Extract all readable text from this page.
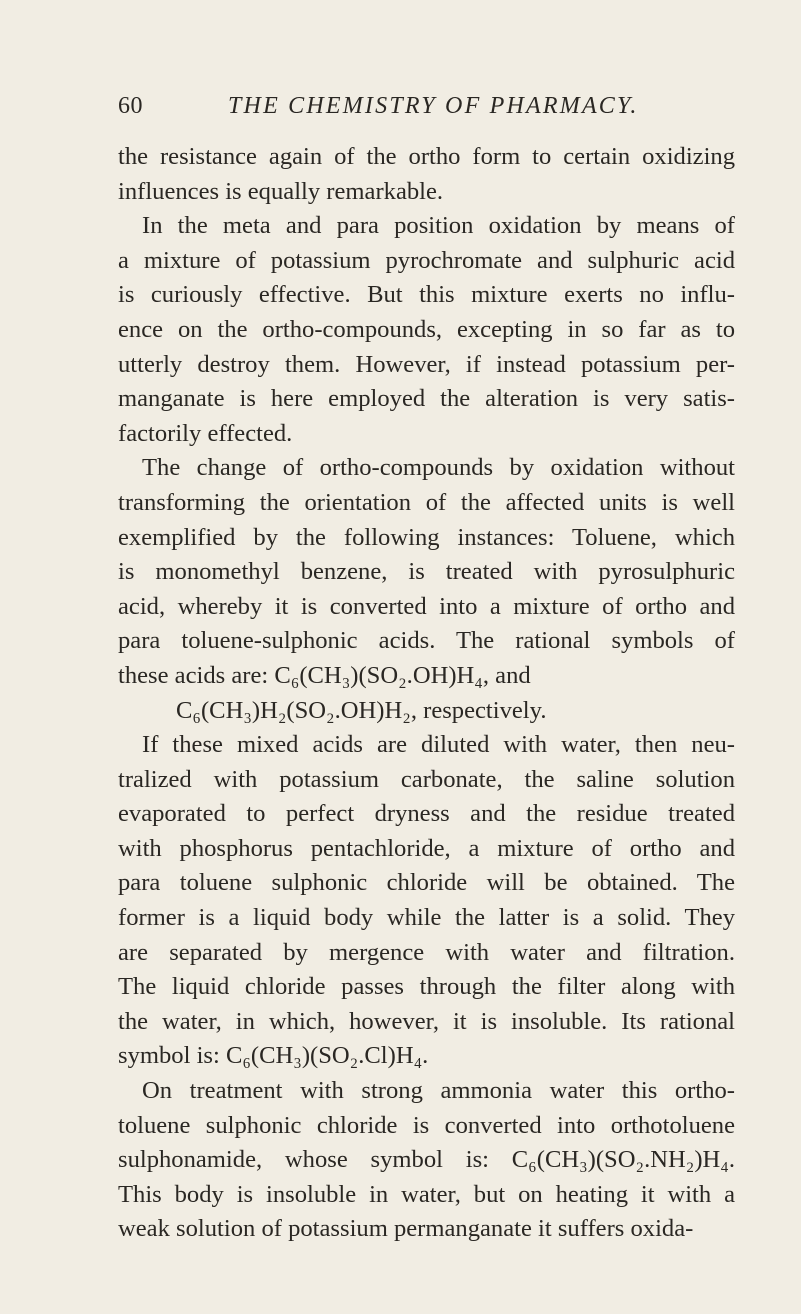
60	THE CHEMISTRY OF PHARMACY.
the resistance again of the ortho form to certain oxidizing
influences is equally remarkable.
In the meta and para position oxidation by means of
a mixture of potassium pyrochromate and sulphuric acid
is curiously effective. But this mixture exerts no influ-
ence on the ortho-compounds, excepting in so far as to
utterly destroy them. However, if instead potassium per-
manganate is here employed the alteration is very satis-
factorily effected.
The change of ortho-compounds by oxidation without
transforming the orientation of the affected units is well
exemplified by the following instances: Toluene, which
is monomethyl benzene, is treated with pyrosulphuric
acid, whereby it is converted into a mixture of ortho and
para toluene-sulphonic acids. The rational symbols of
these acids are: C₆(CH₃)(SO₂.OH)H₄, and
C₆(CH₃)H₂(SO₂.OH)H₂, respectively.
If these mixed acids are diluted with water, then neu-
tralized with potassium carbonate, the saline solution
evaporated to perfect dryness and the residue treated
with phosphorus pentachloride, a mixture of ortho and
para toluene sulphonic chloride will be obtained. The
former is a liquid body while the latter is a solid. They
are separated by mergence with water and filtration.
The liquid chloride passes through the filter along with
the water, in which, however, it is insoluble. Its rational
symbol is: C₆(CH₃)(SO₂.Cl)H₄.
On treatment with strong ammonia water this ortho-
toluene sulphonic chloride is converted into orthotoluene
sulphonamide, whose symbol is: C₆(CH₃)(SO₂.NH₂)H₄.
This body is insoluble in water, but on heating it with a
weak solution of potassium permanganate it suffers oxida-
